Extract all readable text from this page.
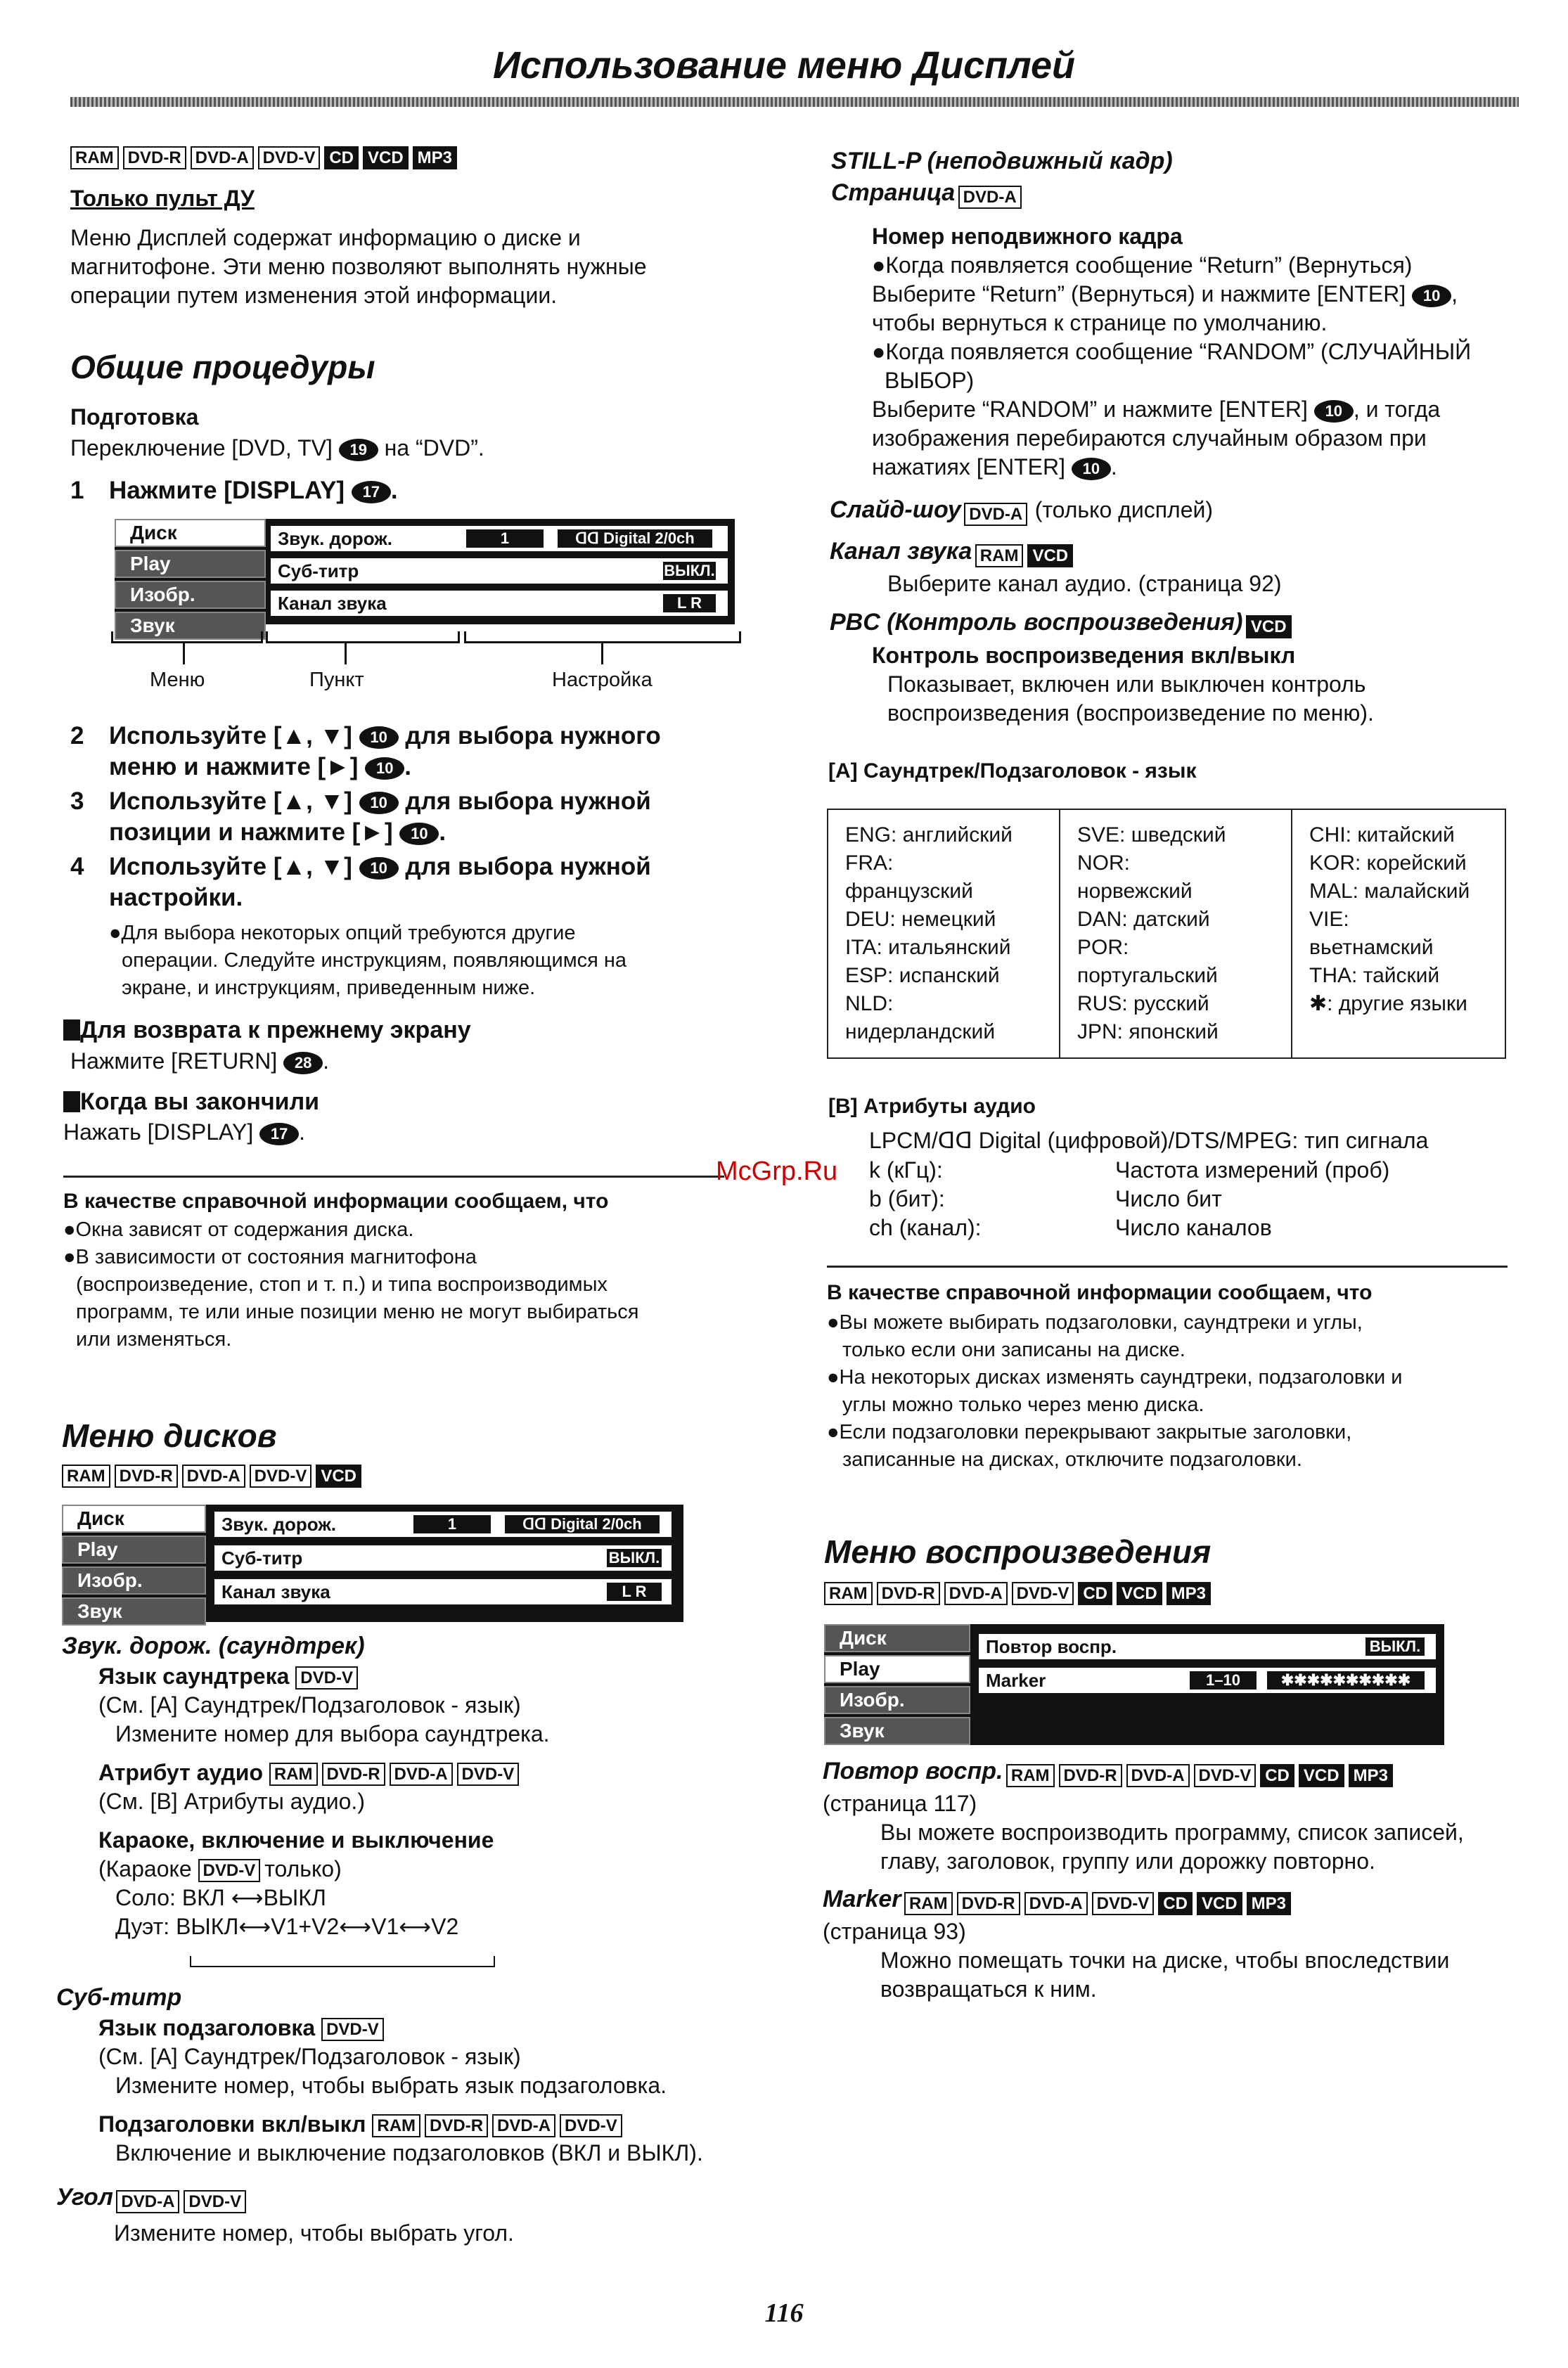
Использование меню Дисплей
RAM DVD-R DVD-A DVD-V CD VCD MP3
Только пульт ДУ
Меню Дисплей содержат информацию о диске и
магнитофоне. Эти меню позволяют выполнять нужные
операции путем изменения этой информации.
Общие процедуры
Подготовка
Переключение [DVD, TV] 19 на “DVD”.
1 Нажмите [DISPLAY] 17 .
Диск
Play
Изобр.
Звук
Звук. дорож.	1	ᗡᗡ Digital 2/0ch
Суб-титр	ВЫКЛ.
Канал звука	L R
Меню	Пункт	Настройка
2 Используйте [▲, ▼] 10 для выбора нужного
меню и нажмите [►] 10 .
3 Используйте [▲, ▼] 10 для выбора нужной
позиции и нажмите [►] 10 .
4 Используйте [▲, ▼] 10 для выбора нужной
настройки.
●Для выбора некоторых опций требуются другие
операции. Следуйте инструкциям, появляющимся на
экране, и инструкциям, приведенным ниже.
Для возврата к прежнему экрану
Нажмите [RETURN] 28 .
Когда вы закончили
Нажать [DISPLAY] 17 .
McGrp.Ru
В качестве справочной информации сообщаем, что
●Окна зависят от содержания диска.
●В зависимости от состояния магнитофона
(воспроизведение, стоп и т. п.) и типа воспроизводимых
программ, те или иные позиции меню не могут выбираться
или изменяться.
Меню дисков
RAM DVD-R DVD-A DVD-V VCD
Диск
Play
Изобр.
Звук
Звук. дорож.	1	ᗡᗡ Digital 2/0ch
Суб-титр	ВЫКЛ.
Канал звука	L R
Звук. дорож. (саундтрек)
Язык саундтрека DVD-V
(См. [A] Саундтрек/Подзаголовок - язык)
Измените номер для выбора саундтрека.
Атрибут аудио RAM DVD-R DVD-A DVD-V
(См. [B] Атрибуты аудио.)
Караоке, включение и выключение
(Караоке DVD-V только)
Соло: ВКЛ ⟷ВЫКЛ
Дуэт: ВЫКЛ⟷V1+V2⟷V1⟷V2
Суб-титр
Язык подзаголовка DVD-V
(См. [A] Саундтрек/Подзаголовок - язык)
Измените номер, чтобы выбрать язык подзаголовка.
Подзаголовки вкл/выкл RAM DVD-R DVD-A DVD-V
Включение и выключение подзаголовков (ВКЛ и ВЫКЛ).
Угол DVD-A DVD-V
Измените номер, чтобы выбрать угол.
STILL-P (неподвижный кадр)
Страница DVD-A
Номер неподвижного кадра
●Когда появляется сообщение “Return” (Вернуться)
Выберите “Return” (Вернуться) и нажмите [ENTER] 10 ,
чтобы вернуться к странице по умолчанию.
●Когда появляется сообщение “RANDOM” (СЛУЧАЙНЫЙ
ВЫБОР)
Выберите “RANDOM” и нажмите [ENTER] 10 , и тогда
изображения перебираются случайным образом при
нажатиях [ENTER] 10 .
Слайд-шоу DVD-A (только дисплей)
Канал звука RAM VCD
Выберите канал аудио. (страница 92)
PBC (Контроль воспроизведения) VCD
Контроль воспроизведения вкл/выкл
Показывает, включен или выключен контроль
воспроизведения (воспроизведение по меню).
[A] Саундтрек/Подзаголовок - язык
ENG: английский
FRA:
французский
DEU: немецкий
ITA: итальянский
ESP: испанский
NLD:
нидерландский

SVE: шведский
NOR:
норвежский
DAN: датский
POR:
португальский
RUS: русский
JPN: японский

CHI: китайский
KOR: корейский
MAL: малайский
VIE:
вьетнамский
THA: тайский
✱: другие языки
[B] Атрибуты аудио
LPCM/ᗡᗡ Digital (цифровой)/DTS/MPEG: тип сигнала
k (кГц):	Частота измерений (проб)
b (бит):	Число бит
ch (канал):	Число каналов
В качестве справочной информации сообщаем, что
●Вы можете выбирать подзаголовки, саундтреки и углы,
только если они записаны на диске.
●На некоторых дисках изменять саундтреки, подзаголовки и
углы можно только через меню диска.
●Если подзаголовки перекрывают закрытые заголовки,
записанные на дисках, отключите подзаголовки.
Меню воспроизведения
RAM DVD-R DVD-A DVD-V CD VCD MP3
Диск
Play
Изобр.
Звук
Повтор воспр.	ВЫКЛ.
Marker	1–10	✱✱✱✱✱✱✱✱✱✱
Повтор воспр. RAM DVD-R DVD-A DVD-V CD VCD MP3
(страница 117)
Вы можете воспроизводить программу, список записей,
главу, заголовок, группу или дорожку повторно.
Marker RAM DVD-R DVD-A DVD-V CD VCD MP3
(страница 93)
Можно помещать точки на диске, чтобы впоследствии
возвращаться к ним.
116
